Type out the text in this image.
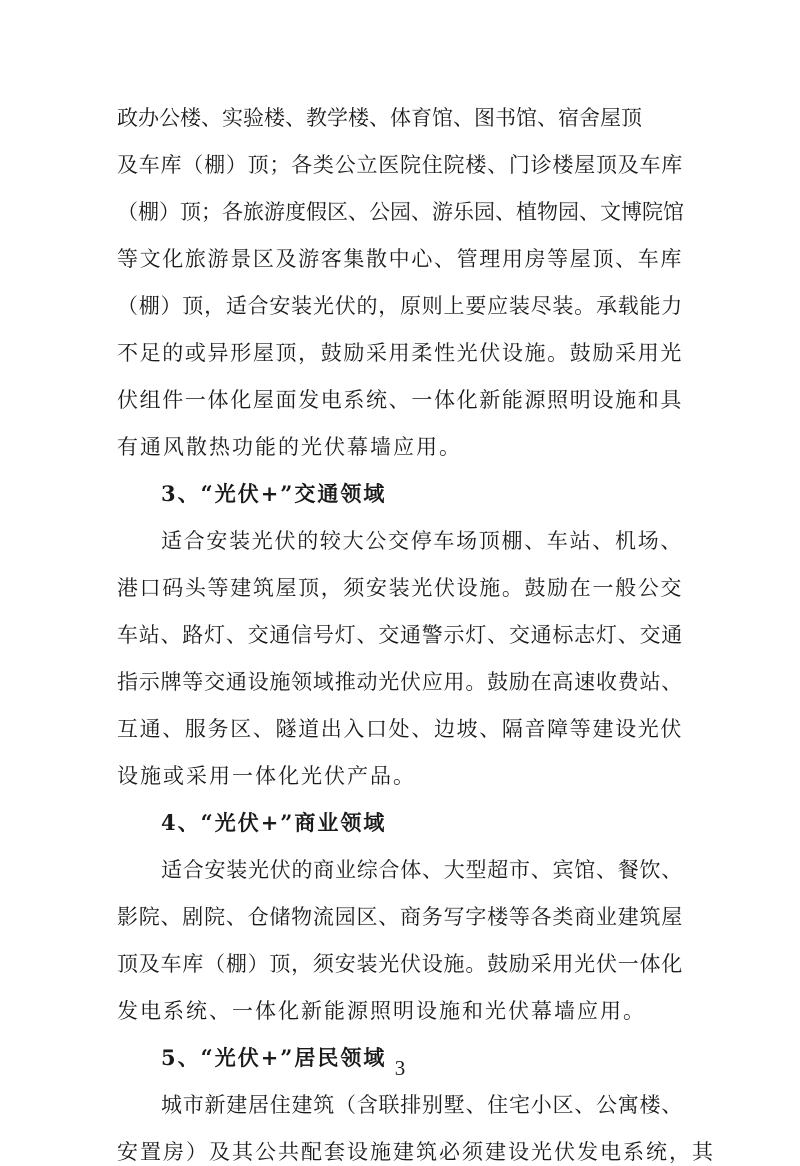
政办公楼、实验楼、教学楼、体育馆、图书馆、宿舍屋顶
及车库（棚）顶；各类公立医院住院楼、门诊楼屋顶及车库
（棚）顶；各旅游度假区、公园、游乐园、植物园、文博院馆
等文化旅游景区及游客集散中心、管理用房等屋顶、车库
（棚）顶，适合安装光伏的，原则上要应装尽装。承载能力
不足的或异形屋顶，鼓励采用柔性光伏设施。鼓励采用光
伏组件一体化屋面发电系统、一体化新能源照明设施和具
有通风散热功能的光伏幕墙应用。
3、“光伏+”交通领域
适合安装光伏的较大公交停车场顶棚、车站、机场、
港口码头等建筑屋顶，须安装光伏设施。鼓励在一般公交
车站、路灯、交通信号灯、交通警示灯、交通标志灯、交通
指示牌等交通设施领域推动光伏应用。鼓励在高速收费站、
互通、服务区、隧道出入口处、边坡、隔音障等建设光伏
设施或采用一体化光伏产品。
4、“光伏+”商业领域
适合安装光伏的商业综合体、大型超市、宾馆、餐饮、
影院、剧院、仓储物流园区、商务写字楼等各类商业建筑屋
顶及车库（棚）顶，须安装光伏设施。鼓励采用光伏一体化
发电系统、一体化新能源照明设施和光伏幕墙应用。
5、“光伏+”居民领域
城市新建居住建筑（含联排别墅、住宅小区、公寓楼、
安置房）及其公共配套设施建筑必须建设光伏发电系统，其
3
